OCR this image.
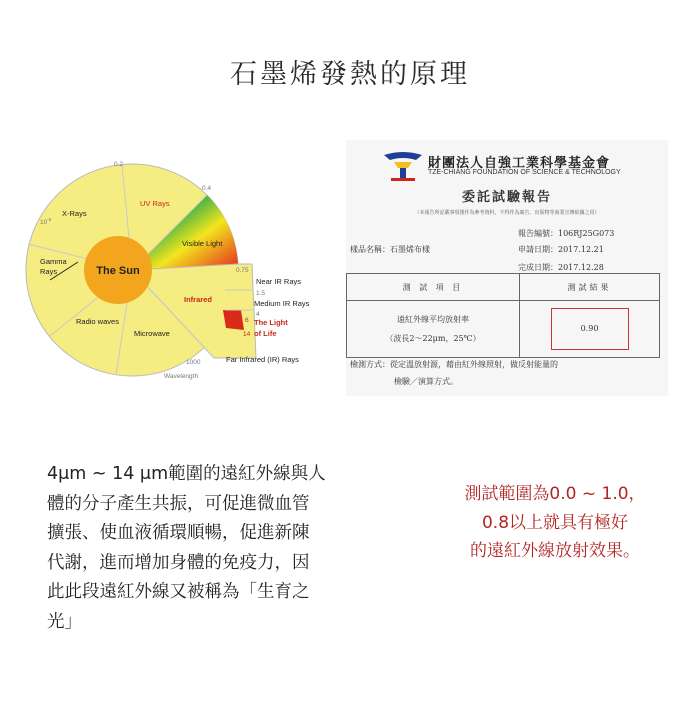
石墨烯發熱的原理
The Sun
X-Rays
UV Rays
Visible Light
Gamma
Rays
Radio waves
Microwave
Infrared
Near IR Rays
Medium IR Rays
The Light
of Life
Far Infrared (IR) Rays
0.2
0.4
$10^{-5}$
0.75
1.5
4
6
14
1000
Wavelength
財團法人自強工業科學基金會
TZE-CHIANG FOUNDATION OF SCIENCE & TECHNOLOGY
委託試驗報告
（本報告所記載事項僅作為參考資料，不得作為廣告、出版物等商業宣傳依據之用）
報告編號：106RJ25G073
樣品名稱：石墨烯布樣	申請日期：2017.12.21
完成日期：2017.12.28
測 試 項 目	測試結果

遠紅外線平均放射率
（波長2～22μm，25℃）	0.90
檢測方式：從定溫放射源，藉由紅外線照射，做反射能量的
檢驗／演算方式。
4μm ~ 14 μm範圍的遠紅外線與人
體的分子產生共振，可促進微血管
擴張、使血液循環順暢，促進新陳
代謝，進而增加身體的免疫力，因
此此段遠紅外線又被稱為「生育之
光」
測試範圍為0.0 ~ 1.0，
0.8以上就具有極好
的遠紅外線放射效果。
